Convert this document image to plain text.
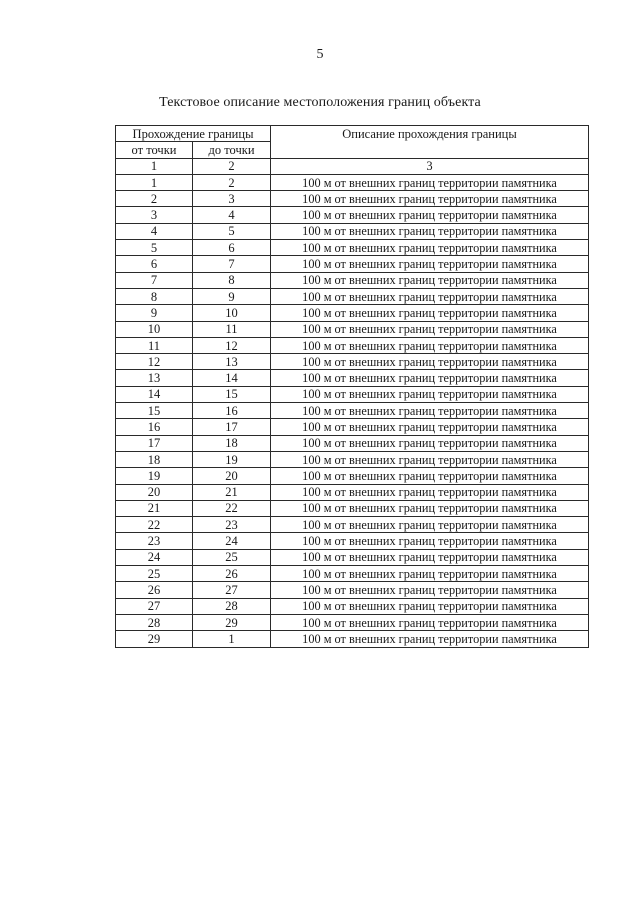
5
Текстовое описание местоположения границ объекта
Прохождение границы		Описание прохождения границы
от точки	до точки	
1	2	3
1	2	100 м от внешних границ территории памятника
2	3	100 м от внешних границ территории памятника
3	4	100 м от внешних границ территории памятника
4	5	100 м от внешних границ территории памятника
5	6	100 м от внешних границ территории памятника
6	7	100 м от внешних границ территории памятника
7	8	100 м от внешних границ территории памятника
8	9	100 м от внешних границ территории памятника
9	10	100 м от внешних границ территории памятника
10	11	100 м от внешних границ территории памятника
11	12	100 м от внешних границ территории памятника
12	13	100 м от внешних границ территории памятника
13	14	100 м от внешних границ территории памятника
14	15	100 м от внешних границ территории памятника
15	16	100 м от внешних границ территории памятника
16	17	100 м от внешних границ территории памятника
17	18	100 м от внешних границ территории памятника
18	19	100 м от внешних границ территории памятника
19	20	100 м от внешних границ территории памятника
20	21	100 м от внешних границ территории памятника
21	22	100 м от внешних границ территории памятника
22	23	100 м от внешних границ территории памятника
23	24	100 м от внешних границ территории памятника
24	25	100 м от внешних границ территории памятника
25	26	100 м от внешних границ территории памятника
26	27	100 м от внешних границ территории памятника
27	28	100 м от внешних границ территории памятника
28	29	100 м от внешних границ территории памятника
29	1	100 м от внешних границ территории памятника
